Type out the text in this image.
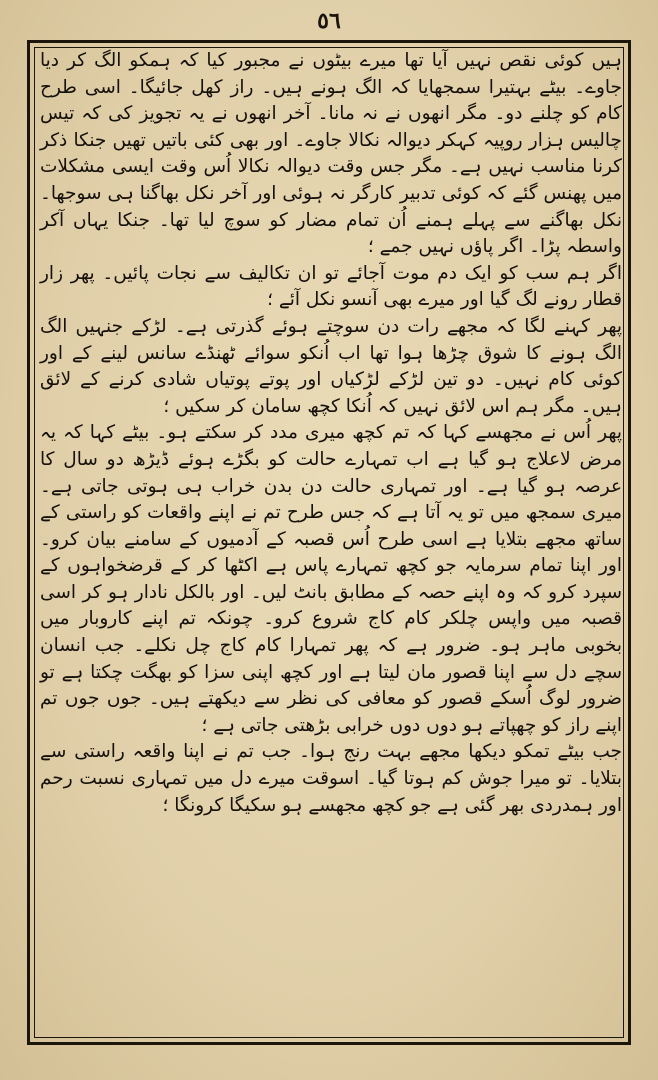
٥٦

ہیں کوئی نقص نہیں آیا تھا میرے بیٹوں نے مجبور کیا کہ ہمکو الگ کر دیا جاوے۔ بیٹے بہتیرا سمجھایا کہ الگ ہونے ہیں۔ راز کھل جائیگا۔ اسی طرح کام کو چلنے دو۔ مگر انھوں نے نہ مانا۔ آخر انھوں نے یہ تجویز کی کہ تیس چالیس ہزار روپیہ کہکر دیوالہ نکالا جاوے۔ اور بھی کئی باتیں تھیں جنکا ذکر کرنا مناسب نہیں ہے۔ مگر جس وقت دیوالہ نکالا اُس وقت ایسی مشکلات میں پھنس گئے کہ کوئی تدبیر کارگر نہ ہوئی اور آخر نکل بھاگنا ہی سوجھا۔ نکل بھاگنے سے پہلے ہمنے اُن تمام مضار کو سوچ لیا تھا۔ جنکا یہاں آکر واسطہ پڑا۔ اگر پاؤں نہیں جمے ؛

اگر ہم سب کو ایک دم موت آجائے تو ان تکالیف سے نجات پائیں۔ پھر زار قطار رونے لگ گیا اور میرے بھی آنسو نکل آئے ؛

پھر کہنے لگا کہ مجھے رات دن سوچتے ہوئے گذرتی ہے۔ لڑکے جنہیں الگ الگ ہونے کا شوق چڑھا ہوا تھا اب اُنکو سوائے ٹھنڈے سانس لینے کے اور کوئی کام نہیں۔ دو تین لڑکے لڑکیاں اور پوتے پوتیاں شادی کرنے کے لائق ہیں۔ مگر ہم اس لائق نہیں کہ اُنکا کچھ سامان کر سکیں ؛

پھر اُس نے مجھسے کہا کہ تم کچھ میری مدد کر سکتے ہو۔ بیٹے کہا کہ یہ مرض لاعلاج ہو گیا ہے اب تمہارے حالت کو بگڑے ہوئے ڈیڑھ دو سال کا عرصہ ہو گیا ہے۔ اور تمہاری حالت دن بدن خراب ہی ہوتی جاتی ہے۔ میری سمجھ میں تو یہ آتا ہے کہ جس طرح تم نے اپنے واقعات کو راستی کے ساتھ مجھے بتلایا ہے اسی طرح اُس قصبہ کے آدمیوں کے سامنے بیان کرو۔ اور اپنا تمام سرمایہ جو کچھ تمہارے پاس ہے اکٹھا کر کے قرضخواہوں کے سپرد کرو کہ وہ اپنے حصہ کے مطابق بانٹ لیں۔ اور بالکل نادار ہو کر اسی قصبہ میں واپس چلکر کام کاج شروع کرو۔ چونکہ تم اپنے کاروبار میں بخوبی ماہر ہو۔ ضرور ہے کہ پھر تمہارا کام کاج چل نکلے۔ جب انسان سچے دل سے اپنا قصور مان لیتا ہے اور کچھ اپنی سزا کو بھگت چکتا ہے تو ضرور لوگ اُسکے قصور کو معافی کی نظر سے دیکھتے ہیں۔ جوں جوں تم اپنے راز کو چھپاتے ہو دوں دوں خرابی بڑھتی جاتی ہے ؛

جب بیٹے تمکو دیکھا مجھے بہت رنج ہوا۔ جب تم نے اپنا واقعہ راستی سے بتلایا۔ تو میرا جوش کم ہوتا گیا۔ اسوقت میرے دل میں تمہاری نسبت رحم اور ہمدردی بھر گئی ہے جو کچھ مجھسے ہو سکیگا کرونگا ؛
